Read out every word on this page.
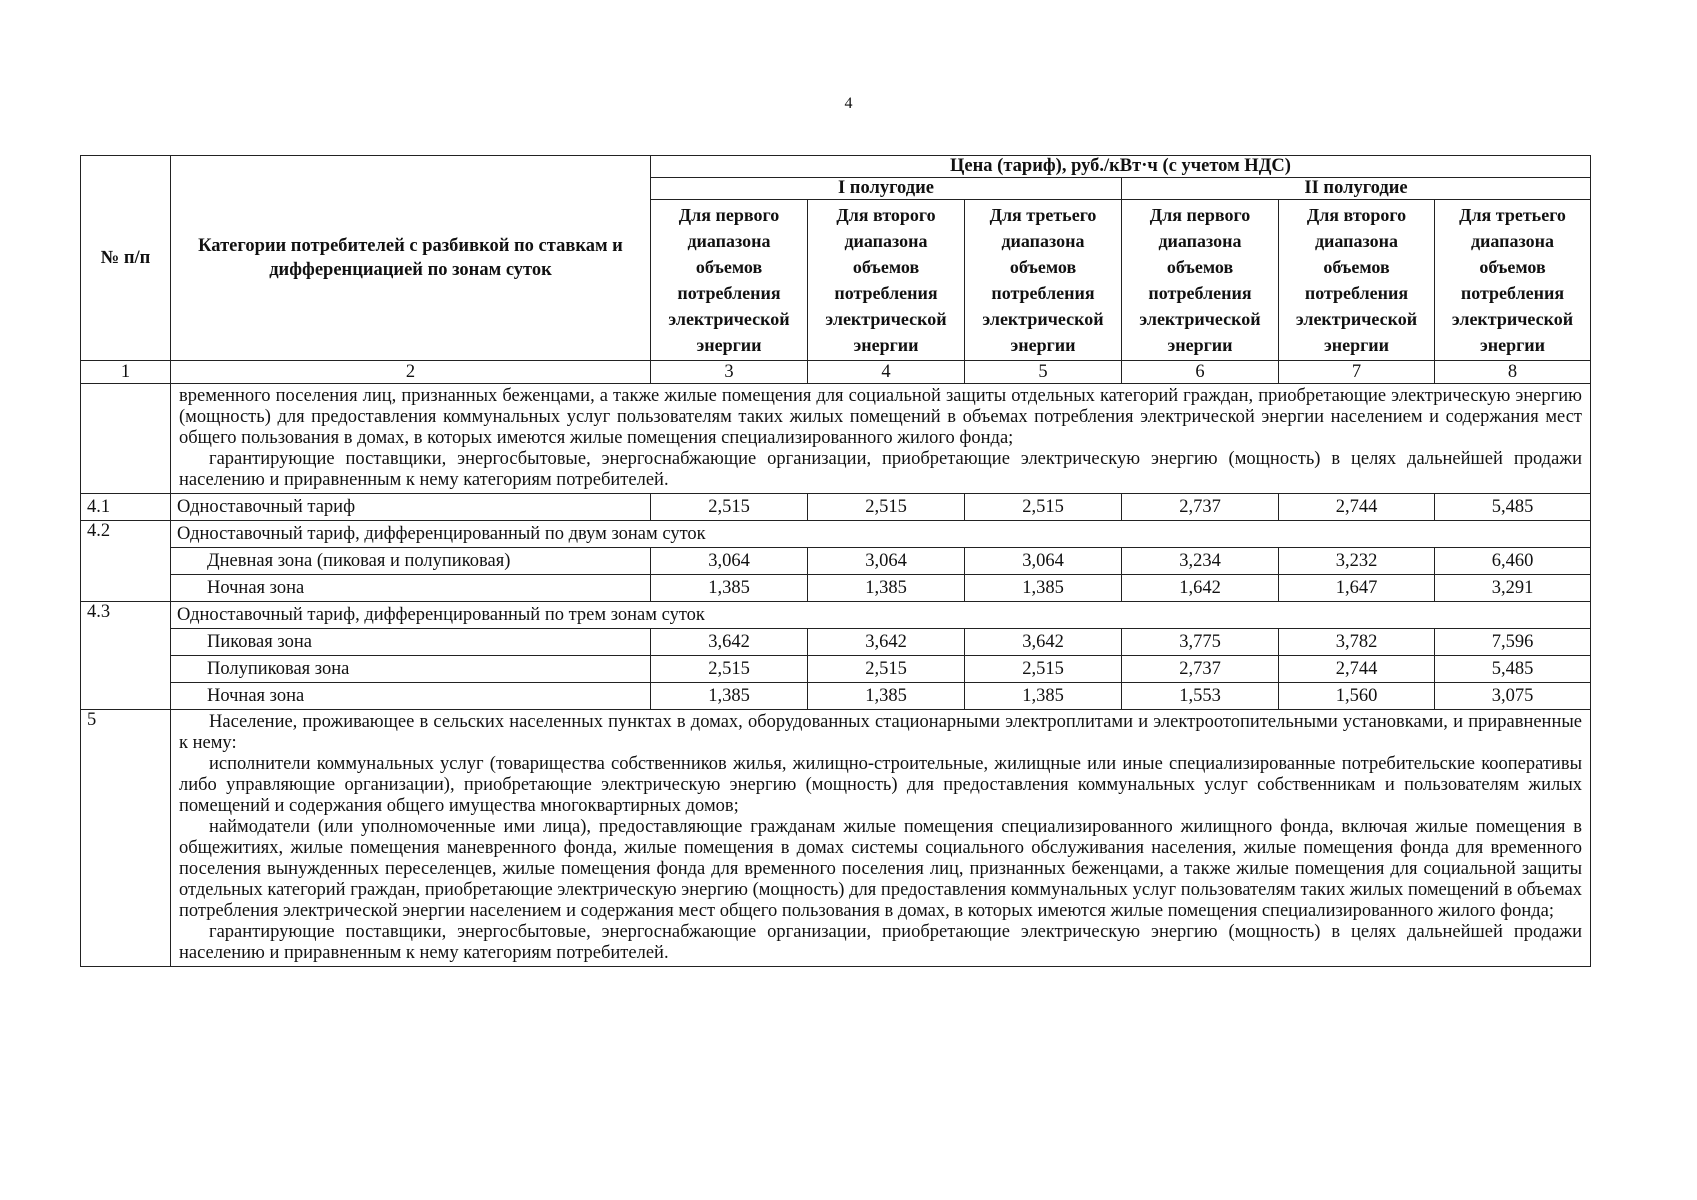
4
№ п/п	Категории потребителей с разбивкой по ставкам и дифференциацией по зонам суток	Цена (тариф), руб./кВт·ч (с учетом НДС)					
		I полугодие			II полугодие		
		Для первого диапазона объемов потребления электрической энергии	Для второго диапазона объемов потребления электрической энергии	Для третьего диапазона объемов потребления электрической энергии	Для первого диапазона объемов потребления электрической энергии	Для второго диапазона объемов потребления электрической энергии	Для третьего диапазона объемов потребления электрической энергии
1	2	3	4	5	6	7	8

	временного поселения лиц, признанных беженцами, а также жилые помещения для социальной защиты отдельных категорий граждан, приобретающие электрическую энергию (мощность) для предоставления коммунальных услуг пользователям таких жилых помещений в объемах потребления электрической энергии населением и содержания мест общего пользования в домах, в которых имеются жилые помещения специализированного жилого фонда;

гарантирующие поставщики, энергосбытовые, энергоснабжающие организации, приобретающие электрическую энергию (мощность) в целях дальнейшей продажи населению и приравненным к нему категориям потребителей.						

4.1	Одноставочный тариф	2,515	2,515	2,515	2,737	2,744	5,485
4.2	Одноставочный тариф, дифференцированный по двум зонам суток						
	Дневная зона (пиковая и полупиковая)	3,064	3,064	3,064	3,234	3,232	6,460
	Ночная зона	1,385	1,385	1,385	1,642	1,647	3,291
4.3	Одноставочный тариф, дифференцированный по трем зонам суток						
	Пиковая зона	3,642	3,642	3,642	3,775	3,782	7,596
	Полупиковая зона	2,515	2,515	2,515	2,737	2,744	5,485
	Ночная зона	1,385	1,385	1,385	1,553	1,560	3,075
5	Население, проживающее в сельских населенных пунктах в домах, оборудованных стационарными электроплитами и электроотопительными установками, и приравненные к нему:

исполнители коммунальных услуг (товарищества собственников жилья, жилищно-строительные, жилищные или иные специализированные потребительские кооперативы либо управляющие организации), приобретающие электрическую энергию (мощность) для предоставления коммунальных услуг собственникам и пользователям жилых помещений и содержания общего имущества многоквартирных домов;

наймодатели (или уполномоченные ими лица), предоставляющие гражданам жилые помещения специализированного жилищного фонда, включая жилые помещения в общежитиях, жилые помещения маневренного фонда, жилые помещения в домах системы социального обслуживания населения, жилые помещения фонда для временного поселения вынужденных переселенцев, жилые помещения фонда для временного поселения лиц, признанных беженцами, а также жилые помещения для социальной защиты отдельных категорий граждан, приобретающие электрическую энергию (мощность) для предоставления коммунальных услуг пользователям таких жилых помещений в объемах потребления электрической энергии населением и содержания мест общего пользования в домах, в которых имеются жилые помещения специализированного жилого фонда;

гарантирующие поставщики, энергосбытовые, энергоснабжающие организации, приобретающие электрическую энергию (мощность) в целях дальнейшей продажи населению и приравненным к нему категориям потребителей.						
